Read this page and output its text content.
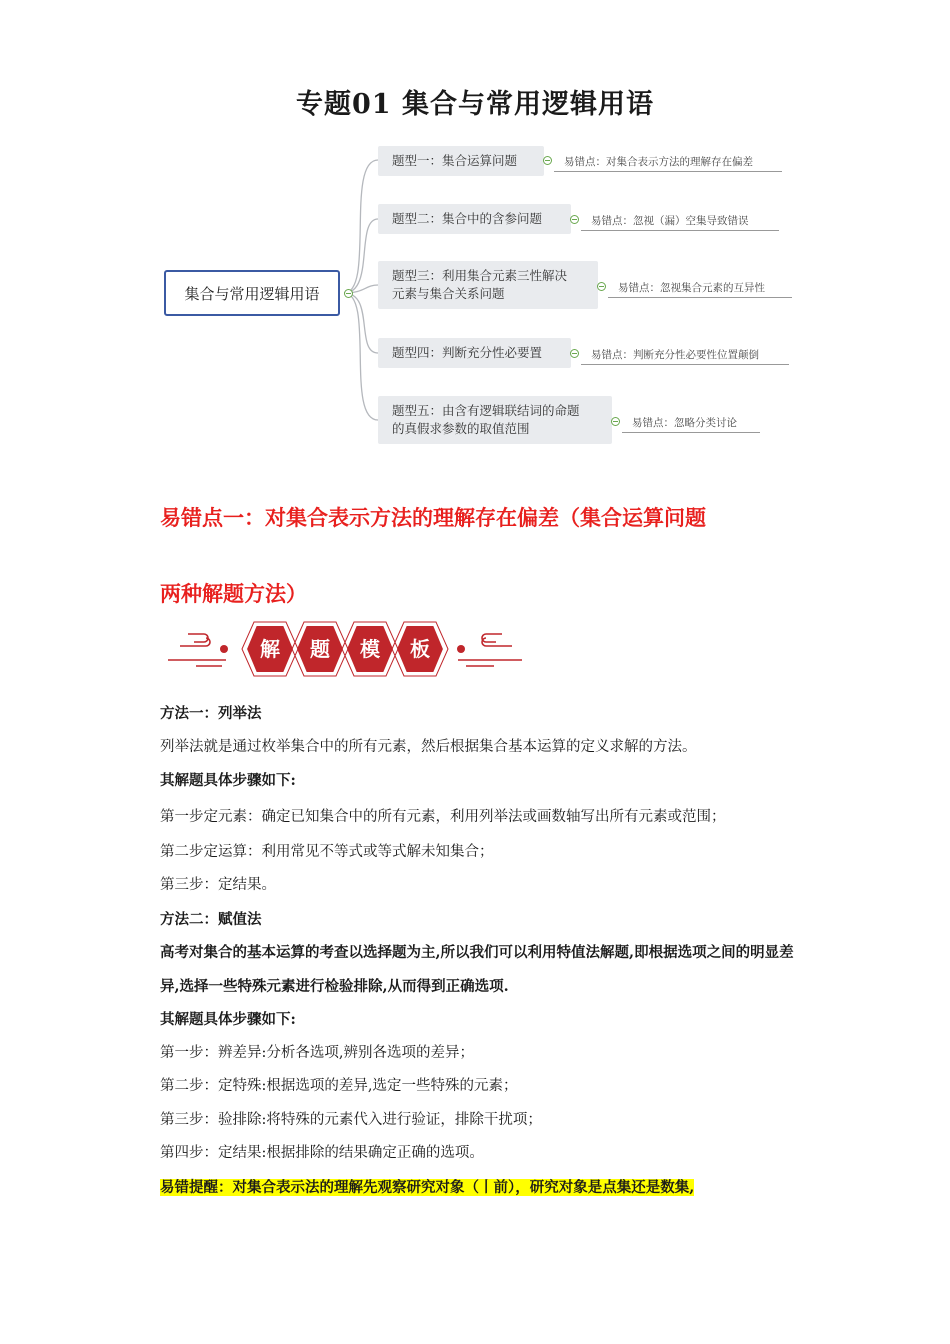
专题01 集合与常用逻辑用语
集合与常用逻辑用语
题型一：集合运算问题	易错点：对集合表示方法的理解存在偏差
题型二：集合中的含参问题	易错点：忽视（漏）空集导致错误
题型三：利用集合元素三性解决
元素与集合关系问题	易错点：忽视集合元素的互异性
题型四：判断充分性必要置	易错点：判断充分性必要性位置颠倒
题型五：由含有逻辑联结词的命题
的真假求参数的取值范围	易错点：忽略分类讨论
易错点一：对集合表示方法的理解存在偏差（集合运算问题
两种解题方法）
解 题 模 板

方法一：列举法

列举法就是通过枚举集合中的所有元素，然后根据集合基本运算的定义求解的方法。

其解题具体步骤如下:

第一步定元素：确定已知集合中的所有元素，利用列举法或画数轴写出所有元素或范围；

第二步定运算：利用常见不等式或等式解未知集合；

第三步：定结果。

方法二：赋值法

高考对集合的基本运算的考查以选择题为主,所以我们可以利用特值法解题,即根据选项之间的明显差异,选择一些特殊元素进行检验排除,从而得到正确选项.

其解题具体步骤如下:

第一步：辨差异:分析各选项,辨别各选项的差异；

第二步：定特殊:根据选项的差异,选定一些特殊的元素；

第三步：验排除:将特殊的元素代入进行验证，排除干扰项；

第四步：定结果:根据排除的结果确定正确的选项。

易错提醒：对集合表示法的理解先观察研究对象（丨前），研究对象是点集还是数集,
